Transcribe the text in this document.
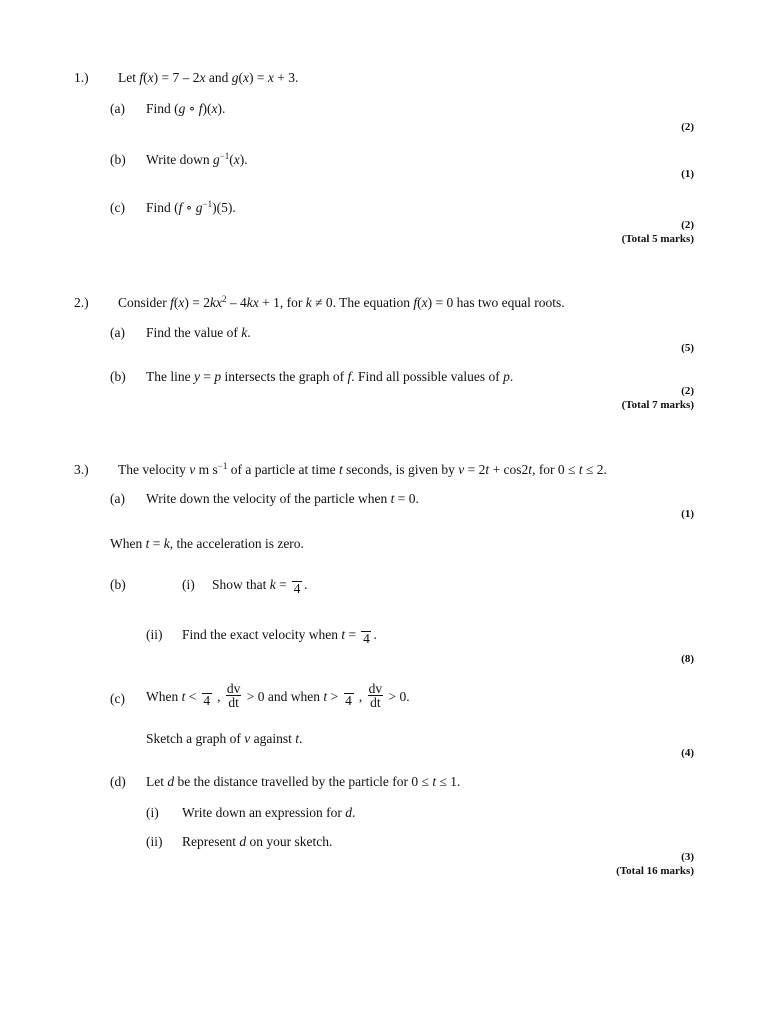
1.) Let f(x) = 7 – 2x and g(x) = x + 3.
(a) Find (g ∘ f)(x).
(2)
(b) Write down $g^{-1}(x)$.
(1)
(c) Find (f ∘ $g^{-1})(5)$.
(2)
(Total 5 marks)
2.) Consider $f(x) = 2kx^2 - 4kx + 1$, for k ≠ 0. The equation f(x) = 0 has two equal roots.
(a) Find the value of k.
(5)
(b) The line y = p intersects the graph of f. Find all possible values of p.
(2)
(Total 7 marks)
3.) The velocity v m $s^{-1}$ of a particle at time t seconds, is given by v = 2t + cos2t, for 0 ≤ t ≤ 2.
(a) Write down the velocity of the particle when t = 0.
(1)
When t = k, the acceleration is zero.
(b)	(i) Show that k = 4 .
(ii) Find the exact velocity when t = 4 .
(8)
(c) When t < 4 , $\frac{dv}{dt} > 0$ and when t > 4 , $\frac{dv}{dt} > 0$.
Sketch a graph of v against t.
(4)
(d) Let d be the distance travelled by the particle for 0 ≤ t ≤ 1.
(i) Write down an expression for d.
(ii) Represent d on your sketch.
(3)
(Total 16 marks)
